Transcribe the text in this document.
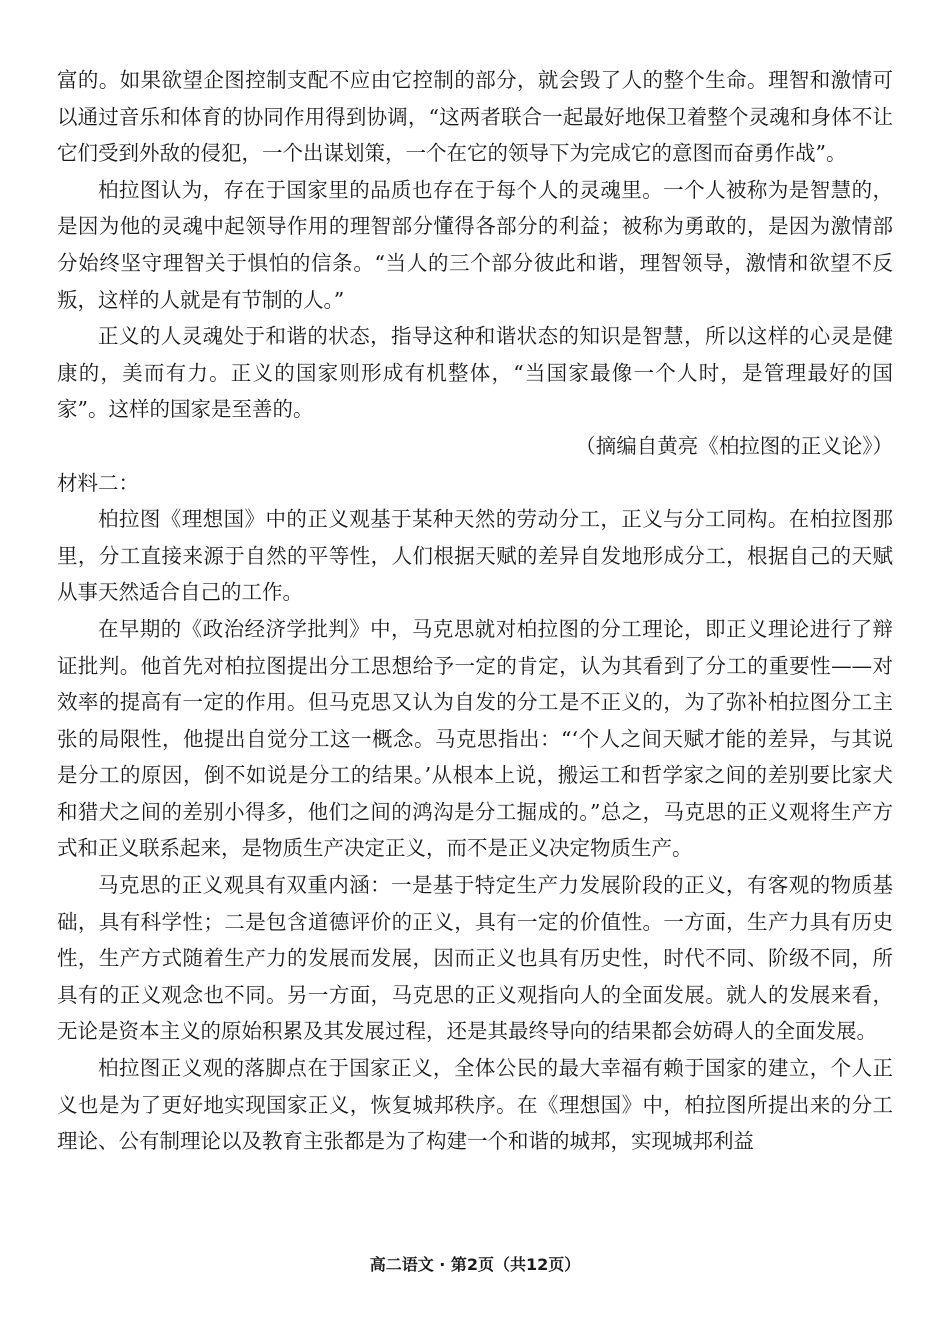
富的。如果欲望企图控制支配不应由它控制的部分，就会毁了人的整个生命。理智和激情可以通过音乐和体育的协同作用得到协调，“这两者联合一起最好地保卫着整个灵魂和身体不让它们受到外敌的侵犯，一个出谋划策，一个在它的领导下为完成它的意图而奋勇作战”。

柏拉图认为，存在于国家里的品质也存在于每个人的灵魂里。一个人被称为是智慧的，是因为他的灵魂中起领导作用的理智部分懂得各部分的利益；被称为勇敢的，是因为激情部分始终坚守理智关于惧怕的信条。“当人的三个部分彼此和谐，理智领导，激情和欲望不反叛，这样的人就是有节制的人。”

正义的人灵魂处于和谐的状态，指导这种和谐状态的知识是智慧，所以这样的心灵是健康的，美而有力。正义的国家则形成有机整体，“当国家最像一个人时，是管理最好的国家”。这样的国家是至善的。

（摘编自黄亮《柏拉图的正义论》）

材料二：

柏拉图《理想国》中的正义观基于某种天然的劳动分工，正义与分工同构。在柏拉图那里，分工直接来源于自然的平等性，人们根据天赋的差异自发地形成分工，根据自己的天赋从事天然适合自己的工作。

在早期的《政治经济学批判》中，马克思就对柏拉图的分工理论，即正义理论进行了辩证批判。他首先对柏拉图提出分工思想给予一定的肯定，认为其看到了分工的重要性——对效率的提高有一定的作用。但马克思又认为自发的分工是不正义的，为了弥补柏拉图分工主张的局限性，他提出自觉分工这一概念。马克思指出：“‘个人之间天赋才能的差异，与其说是分工的原因，倒不如说是分工的结果。’从根本上说，搬运工和哲学家之间的差别要比家犬和猎犬之间的差别小得多，他们之间的鸿沟是分工掘成的。”总之，马克思的正义观将生产方式和正义联系起来，是物质生产决定正义，而不是正义决定物质生产。

马克思的正义观具有双重内涵：一是基于特定生产力发展阶段的正义，有客观的物质基础，具有科学性；二是包含道德评价的正义，具有一定的价值性。一方面，生产力具有历史性，生产方式随着生产力的发展而发展，因而正义也具有历史性，时代不同、阶级不同，所具有的正义观念也不同。另一方面，马克思的正义观指向人的全面发展。就人的发展来看，无论是资本主义的原始积累及其发展过程，还是其最终导向的结果都会妨碍人的全面发展。

柏拉图正义观的落脚点在于国家正义，全体公民的最大幸福有赖于国家的建立，个人正义也是为了更好地实现国家正义，恢复城邦秩序。在《理想国》中，柏拉图所提出来的分工理论、公有制理论以及教育主张都是为了构建一个和谐的城邦，实现城邦利益

高二语文 · 第2页（共12页）
